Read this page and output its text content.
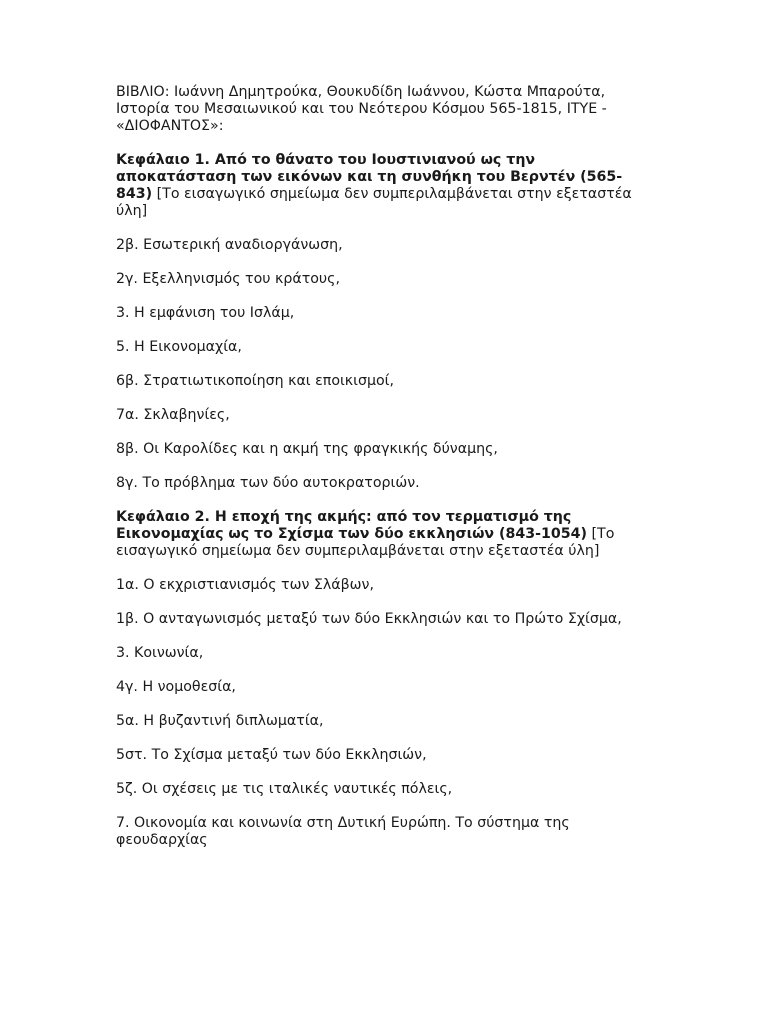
ΒΙΒΛΙΟ: Ιωάννη Δημητρούκα, Θουκυδίδη Ιωάννου, Κώστα Μπαρούτα, Ιστορία του Μεσαιωνικού και του Νεότερου Κόσμου 565-1815, ΙΤΥΕ - «ΔΙΟΦΑΝΤΟΣ»:

Κεφάλαιο 1. Από το θάνατο του Ιουστινιανού ως την αποκατάσταση των εικόνων και τη συνθήκη του Βερντέν (565-843) [Το εισαγωγικό σημείωμα δεν συμπεριλαμβάνεται στην εξεταστέα ύλη]

2β. Εσωτερική αναδιοργάνωση,

2γ. Εξελληνισμός του κράτους,

3. Η εμφάνιση του Ισλάμ,

5. Η Εικονομαχία,

6β. Στρατιωτικοποίηση και εποικισμοί,

7α. Σκλαβηνίες,

8β. Οι Καρολίδες και η ακμή της φραγκικής δύναμης,

8γ. Το πρόβλημα των δύο αυτοκρατοριών.

Κεφάλαιο 2. Η εποχή της ακμής: από τον τερματισμό της Εικονομαχίας ως το Σχίσμα των δύο εκκλησιών (843-1054) [Το εισαγωγικό σημείωμα δεν συμπεριλαμβάνεται στην εξεταστέα ύλη]

1α. Ο εκχριστιανισμός των Σλάβων,

1β. Ο ανταγωνισμός μεταξύ των δύο Εκκλησιών και το Πρώτο Σχίσμα,

3. Κοινωνία,

4γ. Η νομοθεσία,

5α. Η βυζαντινή διπλωματία,

5στ. Το Σχίσμα μεταξύ των δύο Εκκλησιών,

5ζ. Οι σχέσεις με τις ιταλικές ναυτικές πόλεις,

7. Οικονομία και κοινωνία στη Δυτική Ευρώπη. Το σύστημα της φεουδαρχίας
